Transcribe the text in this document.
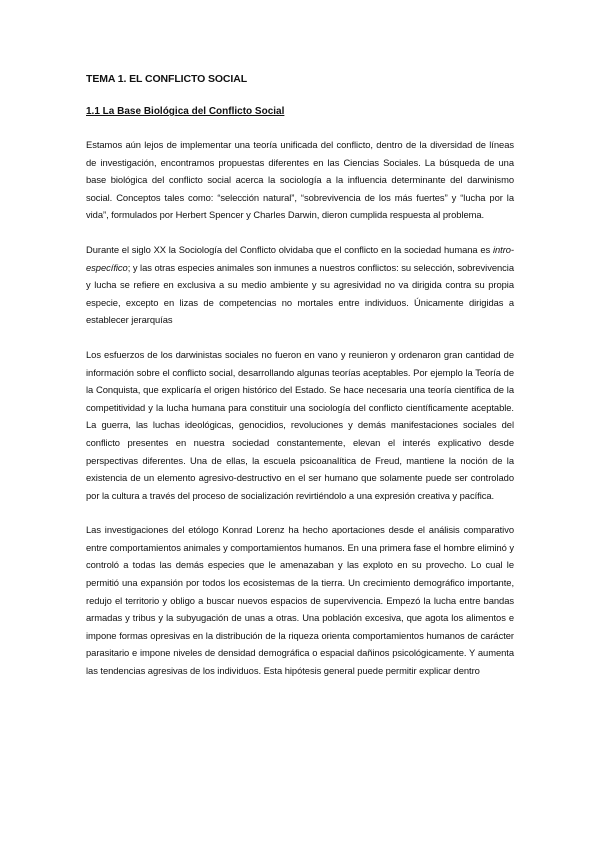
TEMA 1. EL CONFLICTO SOCIAL
1.1 La Base Biológica del Conflicto Social

Estamos aún lejos de implementar una teoría unificada del conflicto, dentro de la diversidad de líneas de investigación, encontramos propuestas diferentes en las Ciencias Sociales. La búsqueda de una base biológica del conflicto social acerca la sociología a la influencia determinante del darwinismo social. Conceptos tales como: “selección natural”, “sobrevivencia de los más fuertes” y “lucha por la vida”, formulados por Herbert Spencer y Charles Darwin, dieron cumplida respuesta al problema.

Durante el siglo XX la Sociología del Conflicto olvidaba que el conflicto en la sociedad humana es intro-específico; y las otras especies animales son inmunes a nuestros conflictos: su selección, sobrevivencia y lucha se refiere en exclusiva a su medio ambiente y su agresividad no va dirigida contra su propia especie, excepto en lizas de competencias no mortales entre individuos. Únicamente dirigidas a establecer jerarquías

Los esfuerzos de los darwinistas sociales no fueron en vano y reunieron y ordenaron gran cantidad de información sobre el conflicto social, desarrollando algunas teorías aceptables. Por ejemplo la Teoría de la Conquista, que explicaría el origen histórico del Estado. Se hace necesaria una teoría científica de la competitividad y la lucha humana para constituir una sociología del conflicto científicamente aceptable. La guerra, las luchas ideológicas, genocidios, revoluciones y demás manifestaciones sociales del conflicto presentes en nuestra sociedad constantemente, elevan el interés explicativo desde perspectivas diferentes. Una de ellas, la escuela psicoanalítica de Freud, mantiene la noción de la existencia de un elemento agresivo-destructivo en el ser humano que solamente puede ser controlado por la cultura a través del proceso de socialización revirtiéndolo a una expresión creativa y pacífica.

Las investigaciones del etólogo Konrad Lorenz ha hecho aportaciones desde el análisis comparativo entre comportamientos animales y comportamientos humanos. En una primera fase el hombre eliminó y controló a todas las demás especies que le amenazaban y las exploto en su provecho. Lo cual le permitió una expansión por todos los ecosistemas de la tierra. Un crecimiento demográfico importante, redujo el territorio y obligo a buscar nuevos espacios de supervivencia. Empezó la lucha entre bandas armadas y tribus y la subyugación de unas a otras. Una población excesiva, que agota los alimentos e impone formas opresivas en la distribución de la riqueza orienta comportamientos humanos de carácter parasitario e impone niveles de densidad demográfica o espacial dañinos psicológicamente. Y aumenta las tendencias agresivas de los individuos. Esta hipótesis general puede permitir explicar dentro
